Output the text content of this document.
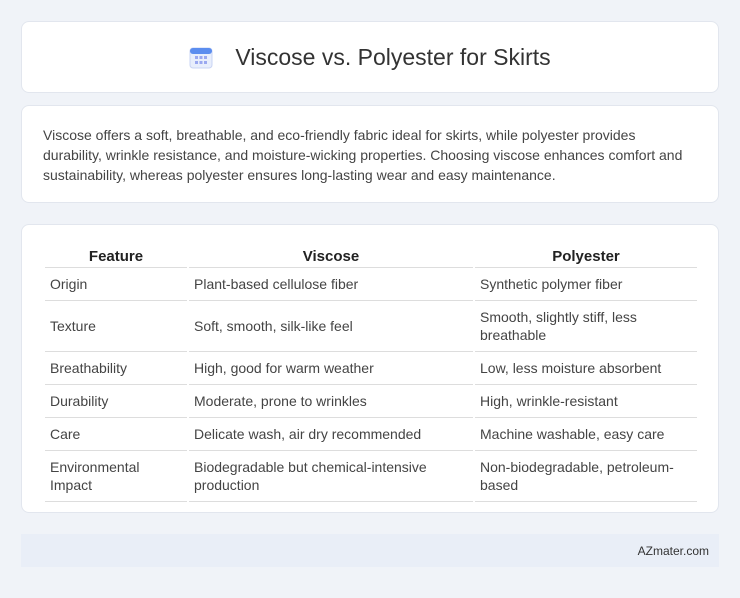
Viscose vs. Polyester for Skirts

Viscose offers a soft, breathable, and eco-friendly fabric ideal for skirts, while polyester provides durability, wrinkle resistance, and moisture-wicking properties. Choosing viscose enhances comfort and sustainability, whereas polyester ensures long-lasting wear and easy maintenance.

Feature	Viscose	Polyester
Origin	Plant-based cellulose fiber	Synthetic polymer fiber
Texture	Soft, smooth, silk-like feel	Smooth, slightly stiff, less breathable
Breathability	High, good for warm weather	Low, less moisture absorbent
Durability	Moderate, prone to wrinkles	High, wrinkle-resistant
Care	Delicate wash, air dry recommended	Machine washable, easy care
Environmental Impact	Biodegradable but chemical-intensive production	Non-biodegradable, petroleum-based
AZmater.com
